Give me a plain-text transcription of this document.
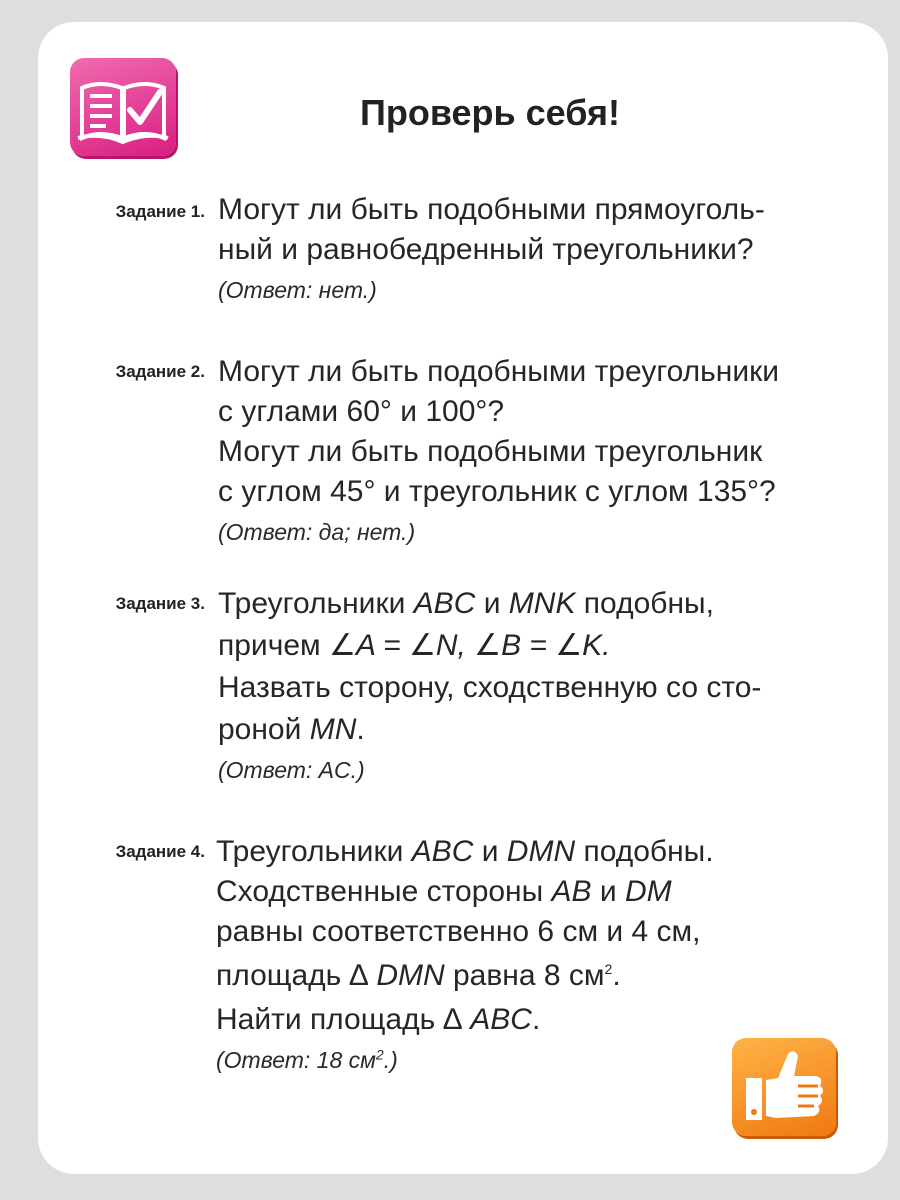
Проверь себя!
Задание 1. Могут ли быть подобными прямоуголь-
ный и равнобедренный треугольники?
(Ответ: нет.)
Задание 2. Могут ли быть подобными треугольники
с углами 60° и 100°?
Могут ли быть подобными треугольник
с углом 45° и треугольник с углом 135°?
(Ответ: да; нет.)
Задание 3. Треугольники ABC и MNK подобны,
причем ∠A = ∠N, ∠B = ∠K.
Назвать сторону, сходственную со сто-
роной MN.
(Ответ: AC.)
Задание 4. Треугольники ABC и DMN подобны.
Сходственные стороны AB и DM
равны соответственно 6 см и 4 см,
площадь ∆ DMN равна 8 $см^2$.
Найти площадь ∆ ABC.
(Ответ: 18 $см^2$.)
